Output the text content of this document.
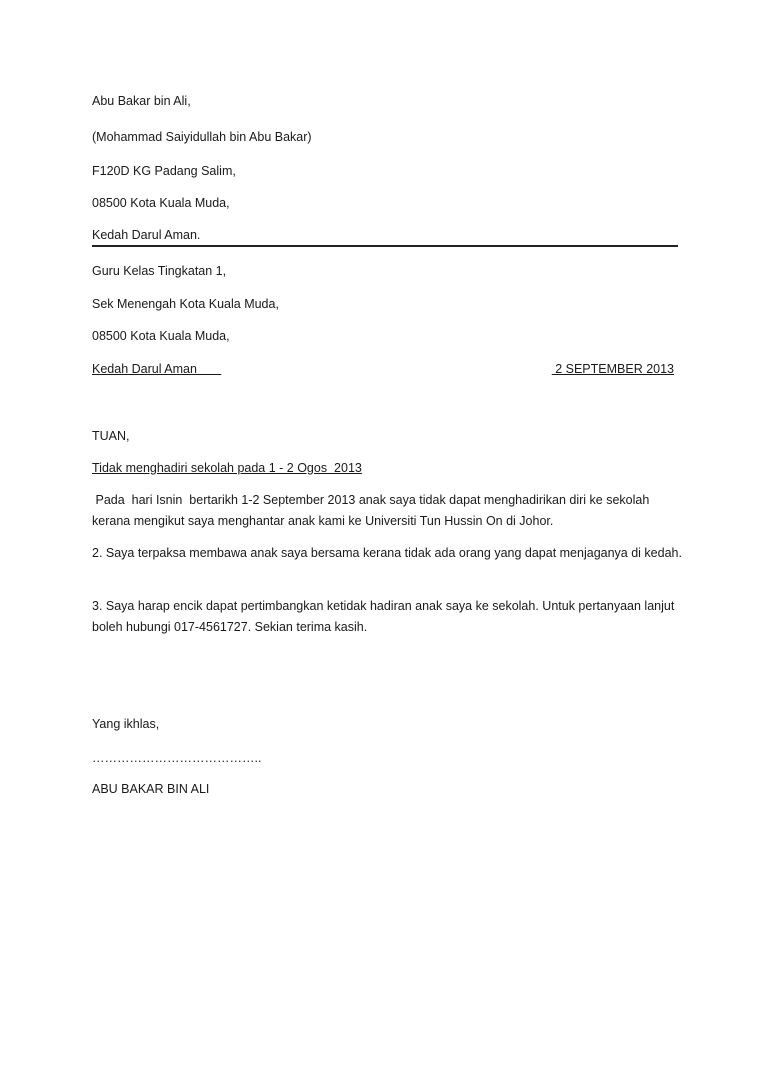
Abu Bakar bin Ali,
(Mohammad Saiyidullah bin Abu Bakar)
F120D KG Padang Salim,
08500 Kota Kuala Muda,
Kedah Darul Aman.
Guru Kelas Tingkatan 1,
Sek Menengah Kota Kuala Muda,
08500 Kota Kuala Muda,
Kedah Darul Aman	2 SEPTEMBER 2013
TUAN,
Tidak menghadiri sekolah pada 1 - 2 Ogos  2013
Pada  hari Isnin  bertarikh 1-2 September 2013 anak saya tidak dapat menghadirikan diri ke sekolah kerana mengikut saya menghantar anak kami ke Universiti Tun Hussin On di Johor.
2. Saya terpaksa membawa anak saya bersama kerana tidak ada orang yang dapat menjaganya di kedah.
3. Saya harap encik dapat pertimbangkan ketidak hadiran anak saya ke sekolah. Untuk pertanyaan lanjut boleh hubungi 017-4561727. Sekian terima kasih.
Yang ikhlas,
…………………………………..
ABU BAKAR BIN ALI
